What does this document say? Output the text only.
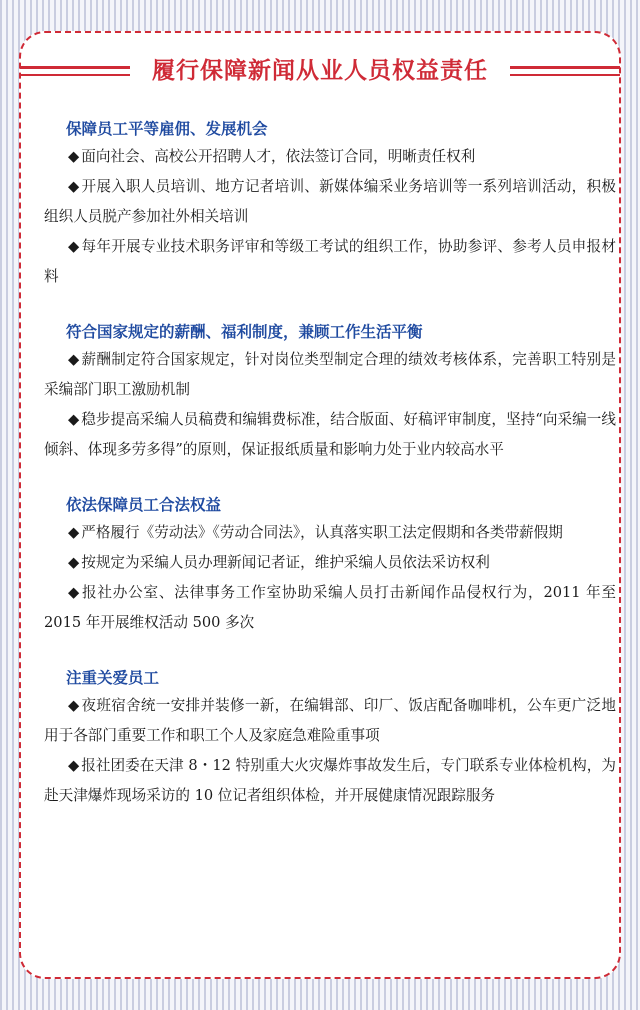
履行保障新闻从业人员权益责任
保障员工平等雇佣、发展机会

◆ 面向社会、高校公开招聘人才，依法签订合同，明晰责任权利

◆ 开展入职人员培训、地方记者培训、新媒体编采业务培训等一系列培训活动，积极组织人员脱产参加社外相关培训

◆ 每年开展专业技术职务评审和等级工考试的组织工作，协助参评、参考人员申报材料

符合国家规定的薪酬、福利制度，兼顾工作生活平衡

◆ 薪酬制定符合国家规定，针对岗位类型制定合理的绩效考核体系，完善职工特别是采编部门职工激励机制

◆ 稳步提高采编人员稿费和编辑费标准，结合版面、好稿评审制度，坚持“向采编一线倾斜、体现多劳多得”的原则，保证报纸质量和影响力处于业内较高水平

依法保障员工合法权益

◆ 严格履行《劳动法》《劳动合同法》，认真落实职工法定假期和各类带薪假期

◆ 按规定为采编人员办理新闻记者证，维护采编人员依法采访权利

◆ 报社办公室、法律事务工作室协助采编人员打击新闻作品侵权行为，2011 年至 2015 年开展维权活动 500 多次

注重关爱员工

◆ 夜班宿舍统一安排并装修一新，在编辑部、印厂、饭店配备咖啡机，公车更广泛地用于各部门重要工作和职工个人及家庭急难险重事项

◆ 报社团委在天津 8・12 特别重大火灾爆炸事故发生后，专门联系专业体检机构，为赴天津爆炸现场采访的 10 位记者组织体检，并开展健康情况跟踪服务
